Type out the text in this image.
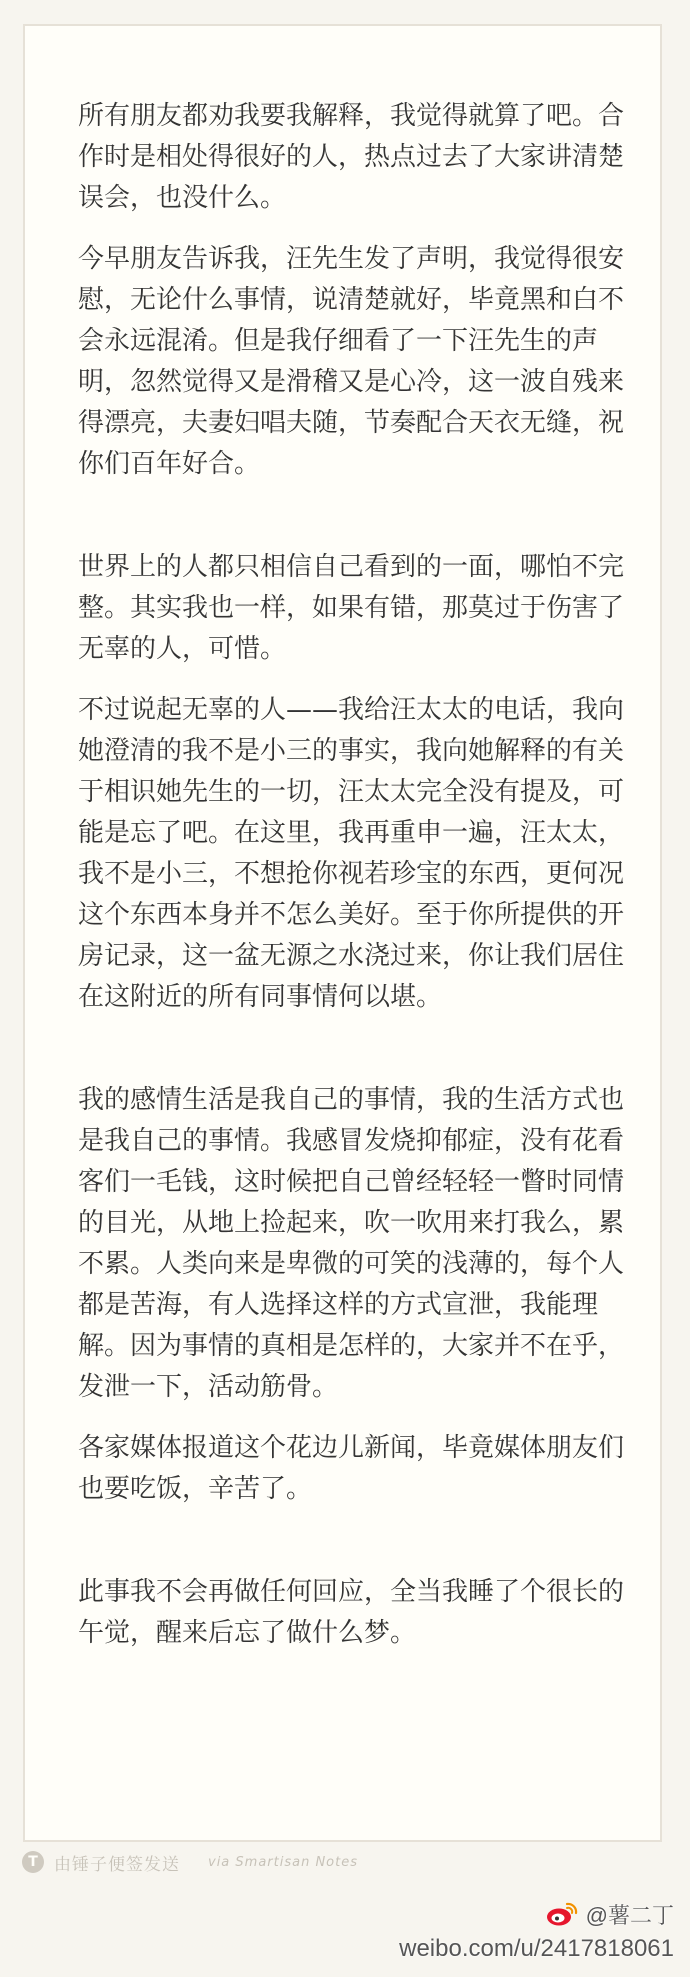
所有朋友都劝我要我解释，我觉得就算了吧。合作时是相处得很好的人，热点过去了大家讲清楚误会，也没什么。

今早朋友告诉我，汪先生发了声明，我觉得很安慰，无论什么事情，说清楚就好，毕竟黑和白不会永远混淆。但是我仔细看了一下汪先生的声明，忽然觉得又是滑稽又是心冷，这一波自残来得漂亮，夫妻妇唱夫随，节奏配合天衣无缝，祝你们百年好合。

世界上的人都只相信自己看到的一面，哪怕不完整。其实我也一样，如果有错，那莫过于伤害了无辜的人，可惜。

不过说起无辜的人——我给汪太太的电话，我向她澄清的我不是小三的事实，我向她解释的有关于相识她先生的一切，汪太太完全没有提及，可能是忘了吧。在这里，我再重申一遍，汪太太，我不是小三，不想抢你视若珍宝的东西，更何况这个东西本身并不怎么美好。至于你所提供的开房记录，这一盆无源之水浇过来，你让我们居住在这附近的所有同事情何以堪。

我的感情生活是我自己的事情，我的生活方式也是我自己的事情。我感冒发烧抑郁症，没有花看客们一毛钱，这时候把自己曾经轻轻一瞥时同情的目光，从地上捡起来，吹一吹用来打我么，累不累。人类向来是卑微的可笑的浅薄的，每个人都是苦海，有人选择这样的方式宣泄，我能理解。因为事情的真相是怎样的，大家并不在乎，发泄一下，活动筋骨。

各家媒体报道这个花边儿新闻，毕竟媒体朋友们也要吃饭，辛苦了。

此事我不会再做任何回应，全当我睡了个很长的午觉，醒来后忘了做什么梦。

T 由锤子便签发送 via Smartisan Notes
@薯二丁
weibo.com/u/2417818061
